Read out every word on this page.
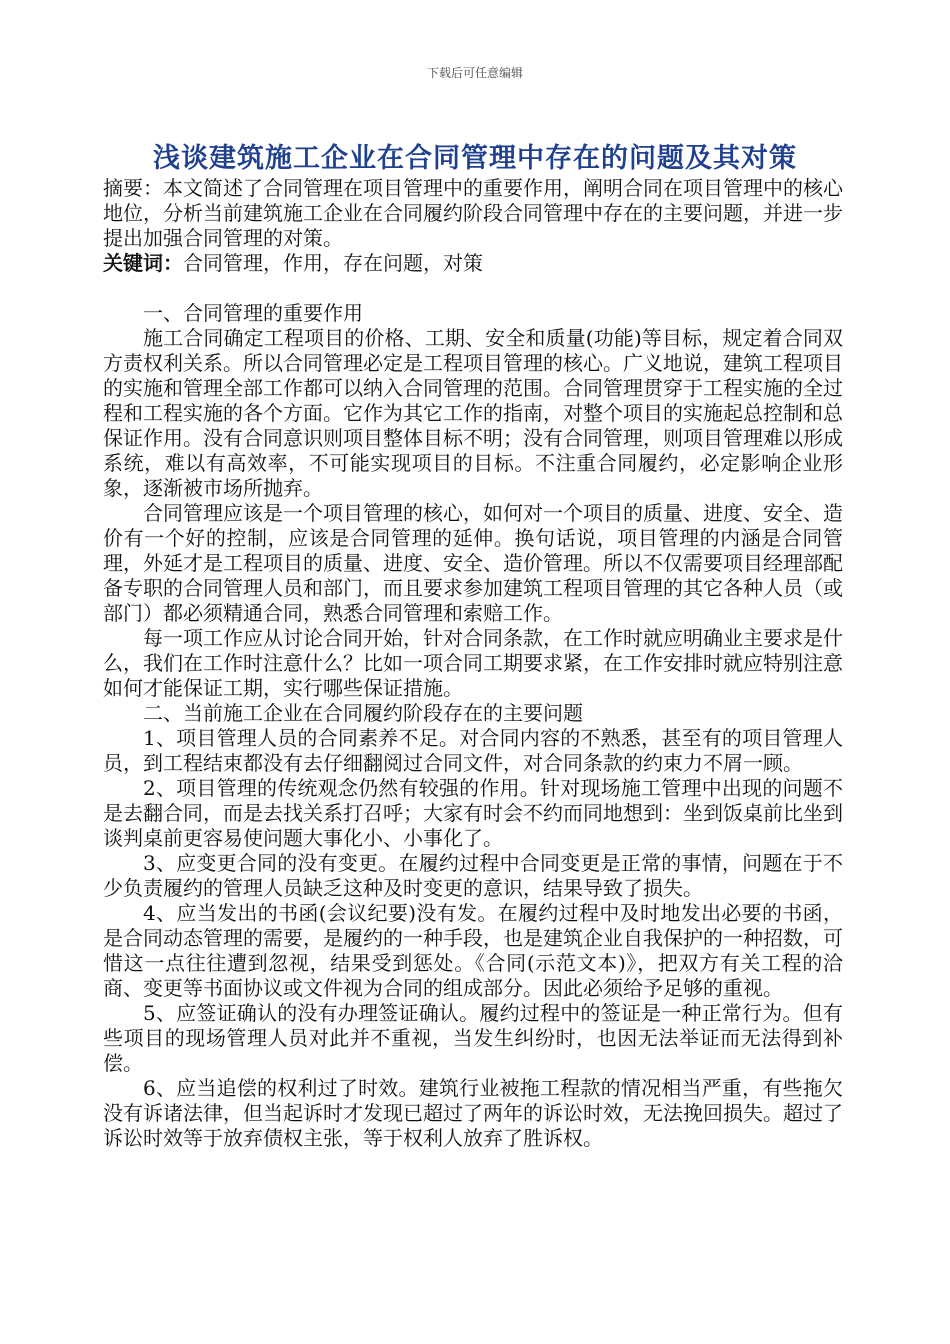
下载后可任意编辑
浅谈建筑施工企业在合同管理中存在的问题及其对策

摘要：本文简述了合同管理在项目管理中的重要作用，阐明合同在项目管理中的核心地位，分析当前建筑施工企业在合同履约阶段合同管理中存在的主要问题，并进一步提出加强合同管理的对策。

关键词：合同管理，作用，存在问题，对策

一、合同管理的重要作用

施工合同确定工程项目的价格、工期、安全和质量(功能)等目标，规定着合同双方责权利关系。所以合同管理必定是工程项目管理的核心。广义地说，建筑工程项目的实施和管理全部工作都可以纳入合同管理的范围。合同管理贯穿于工程实施的全过程和工程实施的各个方面。它作为其它工作的指南，对整个项目的实施起总控制和总保证作用。没有合同意识则项目整体目标不明；没有合同管理，则项目管理难以形成系统，难以有高效率，不可能实现项目的目标。不注重合同履约，必定影响企业形象，逐渐被市场所抛弃。

合同管理应该是一个项目管理的核心，如何对一个项目的质量、进度、安全、造价有一个好的控制，应该是合同管理的延伸。换句话说，项目管理的内涵是合同管理，外延才是工程项目的质量、进度、安全、造价管理。所以不仅需要项目经理部配备专职的合同管理人员和部门，而且要求参加建筑工程项目管理的其它各种人员（或部门）都必须精通合同，熟悉合同管理和索赔工作。

每一项工作应从讨论合同开始，针对合同条款，在工作时就应明确业主要求是什么，我们在工作时注意什么？比如一项合同工期要求紧，在工作安排时就应特别注意如何才能保证工期，实行哪些保证措施。

二、当前施工企业在合同履约阶段存在的主要问题

1、项目管理人员的合同素养不足。对合同内容的不熟悉，甚至有的项目管理人员，到工程结束都没有去仔细翻阅过合同文件，对合同条款的约束力不屑一顾。

2、项目管理的传统观念仍然有较强的作用。针对现场施工管理中出现的问题不是去翻合同，而是去找关系打召呼；大家有时会不约而同地想到：坐到饭桌前比坐到谈判桌前更容易使问题大事化小、小事化了。

3、应变更合同的没有变更。在履约过程中合同变更是正常的事情，问题在于不少负责履约的管理人员缺乏这种及时变更的意识，结果导致了损失。

4、应当发出的书函(会议纪要)没有发。在履约过程中及时地发出必要的书函，是合同动态管理的需要，是履约的一种手段，也是建筑企业自我保护的一种招数，可惜这一点往往遭到忽视，结果受到惩处。《合同(示范文本)》，把双方有关工程的洽商、变更等书面协议或文件视为合同的组成部分。因此必须给予足够的重视。

5、应签证确认的没有办理签证确认。履约过程中的签证是一种正常行为。但有些项目的现场管理人员对此并不重视，当发生纠纷时，也因无法举证而无法得到补偿。

6、应当追偿的权利过了时效。建筑行业被拖工程款的情况相当严重，有些拖欠没有诉诸法律，但当起诉时才发现已超过了两年的诉讼时效，无法挽回损失。超过了诉讼时效等于放弃债权主张，等于权利人放弃了胜诉权。
